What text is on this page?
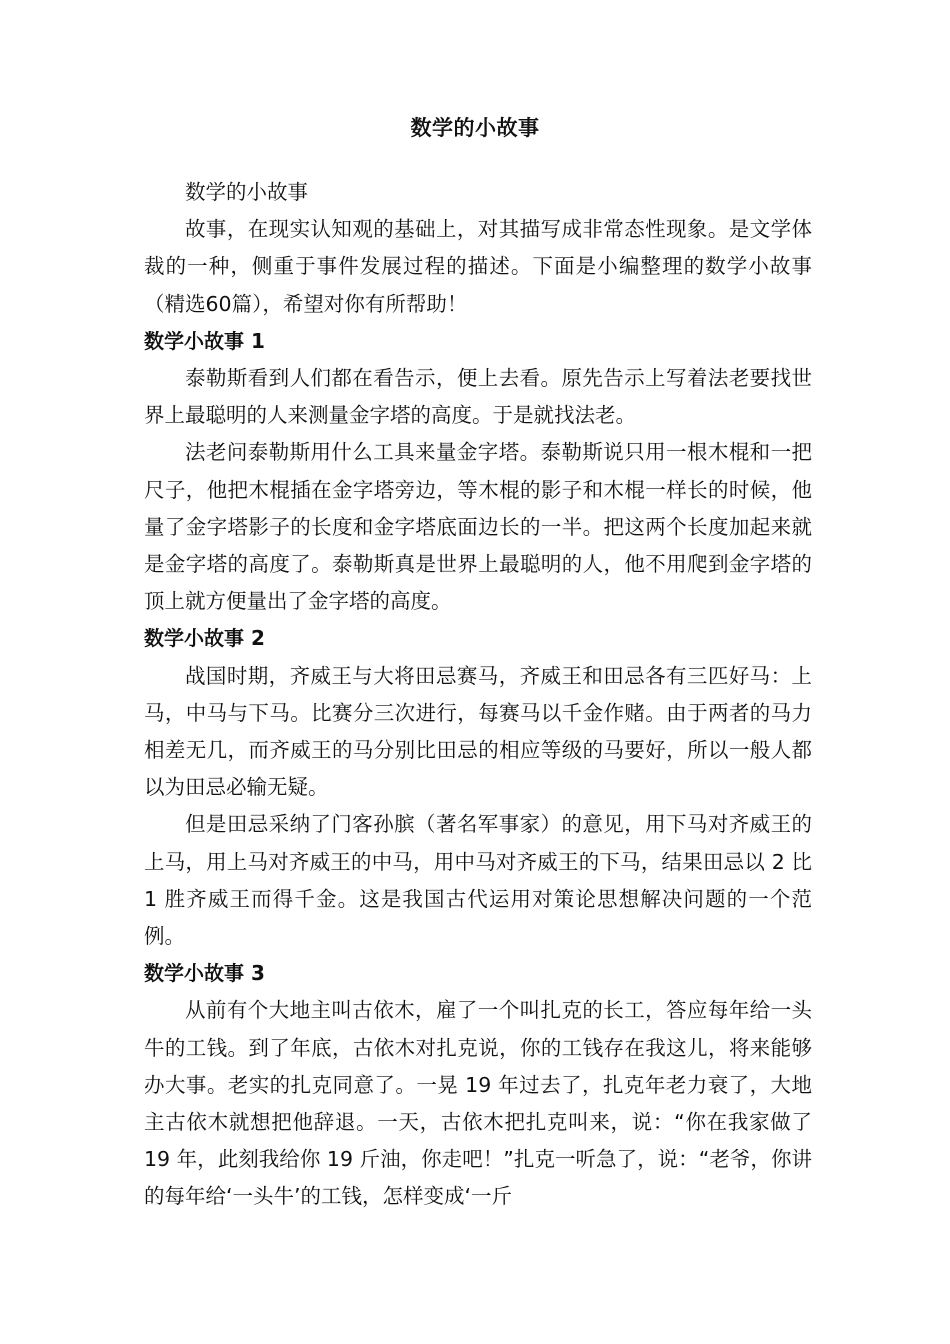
数学的小故事

数学的小故事

故事，在现实认知观的基础上，对其描写成非常态性现象。是文学体裁的一种，侧重于事件发展过程的描述。下面是小编整理的数学小故事（精选60篇），希望对你有所帮助！

数学小故事 1

泰勒斯看到人们都在看告示，便上去看。原先告示上写着法老要找世界上最聪明的人来测量金字塔的高度。于是就找法老。

法老问泰勒斯用什么工具来量金字塔。泰勒斯说只用一根木棍和一把尺子，他把木棍插在金字塔旁边，等木棍的影子和木棍一样长的时候，他量了金字塔影子的长度和金字塔底面边长的一半。把这两个长度加起来就是金字塔的高度了。泰勒斯真是世界上最聪明的人，他不用爬到金字塔的顶上就方便量出了金字塔的高度。

数学小故事 2

战国时期，齐威王与大将田忌赛马，齐威王和田忌各有三匹好马：上马，中马与下马。比赛分三次进行，每赛马以千金作赌。由于两者的马力相差无几，而齐威王的马分别比田忌的相应等级的马要好，所以一般人都以为田忌必输无疑。

但是田忌采纳了门客孙膑（著名军事家）的意见，用下马对齐威王的上马，用上马对齐威王的中马，用中马对齐威王的下马，结果田忌以 2 比 1 胜齐威王而得千金。这是我国古代运用对策论思想解决问题的一个范例。

数学小故事 3

从前有个大地主叫古依木，雇了一个叫扎克的长工，答应每年给一头牛的工钱。到了年底，古依木对扎克说，你的工钱存在我这儿，将来能够办大事。老实的扎克同意了。一晃 19 年过去了，扎克年老力衰了，大地主古依木就想把他辞退。一天，古依木把扎克叫来，说：“你在我家做了 19 年，此刻我给你 19 斤油，你走吧！”扎克一听急了，说：“老爷，你讲的每年给‘一头牛’的工钱，怎样变成‘一斤
